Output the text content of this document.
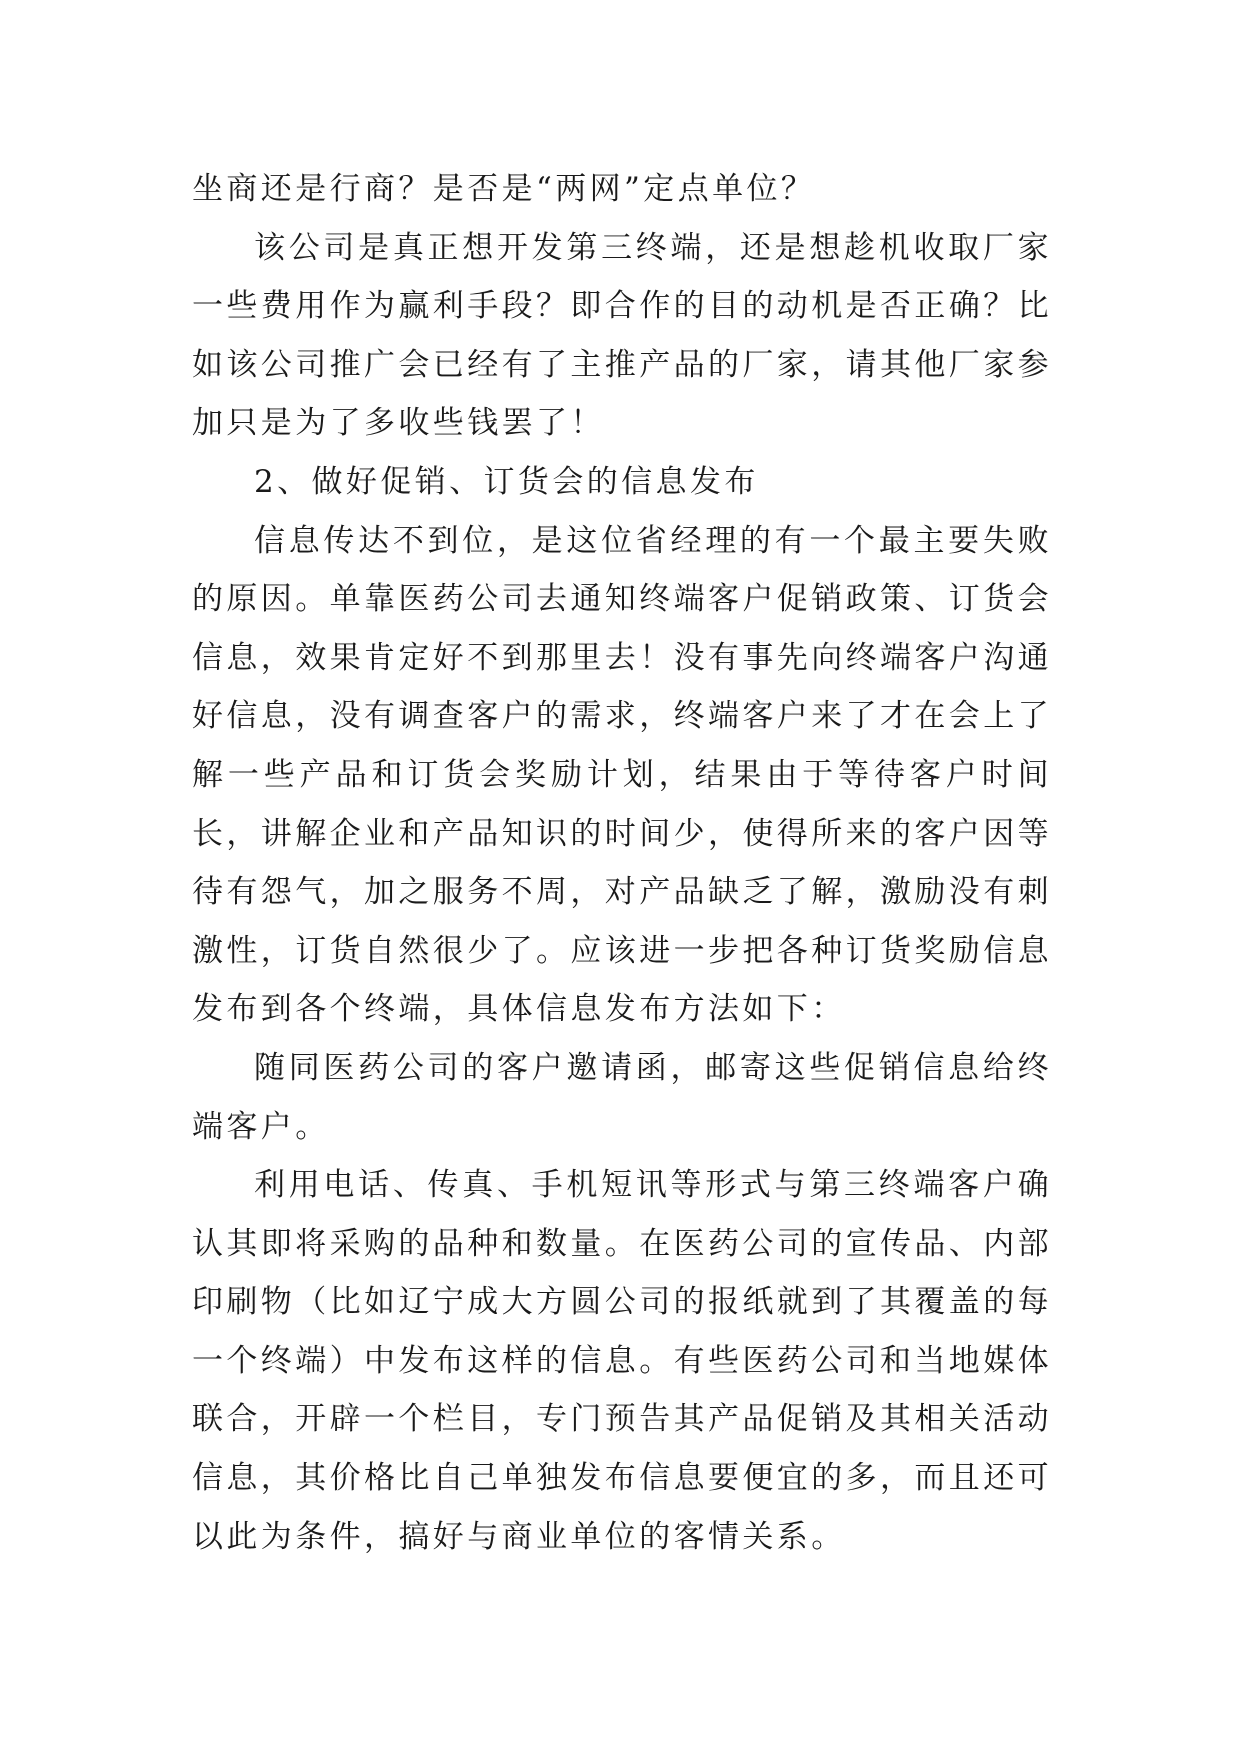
坐商还是行商？是否是“两网”定点单位？

该公司是真正想开发第三终端，还是想趁机收取厂家一些费用作为赢利手段？即合作的目的动机是否正确？比如该公司推广会已经有了主推产品的厂家，请其他厂家参加只是为了多收些钱罢了！

2、做好促销、订货会的信息发布

信息传达不到位，是这位省经理的有一个最主要失败的原因。单靠医药公司去通知终端客户促销政策、订货会信息，效果肯定好不到那里去！没有事先向终端客户沟通好信息，没有调查客户的需求，终端客户来了才在会上了解一些产品和订货会奖励计划，结果由于等待客户时间长，讲解企业和产品知识的时间少，使得所来的客户因等待有怨气，加之服务不周，对产品缺乏了解，激励没有刺激性，订货自然很少了。应该进一步把各种订货奖励信息发布到各个终端，具体信息发布方法如下：

随同医药公司的客户邀请函，邮寄这些促销信息给终端客户。

利用电话、传真、手机短讯等形式与第三终端客户确认其即将采购的品种和数量。在医药公司的宣传品、内部印刷物（比如辽宁成大方圆公司的报纸就到了其覆盖的每一个终端）中发布这样的信息。有些医药公司和当地媒体联合，开辟一个栏目，专门预告其产品促销及其相关活动信息，其价格比自己单独发布信息要便宜的多，而且还可以此为条件，搞好与商业单位的客情关系。
